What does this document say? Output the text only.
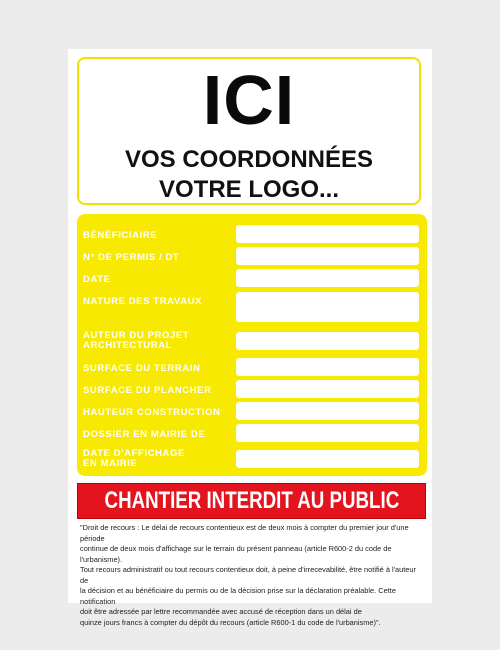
ICI
VOS COORDONNÉES
VOTRE LOGO...
BÉNÉFICIAIRE
N° DE PERMIS / DT
DATE
NATURE DES TRAVAUX
AUTEUR DU PROJET
ARCHITECTURAL
SURFACE DU TERRAIN
SURFACE DU PLANCHER
HAUTEUR CONSTRUCTION
DOSSIER EN MAIRIE DE
DATE D'AFFICHAGE
EN MAIRIE
CHANTIER INTERDIT AU PUBLIC
"Droit de recours : Le délai de recours contentieux est de deux mois à compter du premier jour d'une période
continue de deux mois d'affichage sur le terrain du présent panneau (article R600-2 du code de l'urbanisme).
Tout recours administratif ou tout recours contentieux doit, à peine d'irrecevabilité, être notifié à l'auteur de
la décision et au bénéficiaire du permis ou de la décision prise sur la déclaration préalable. Cette notification
doit être adressée par lettre recommandée avec accusé de réception dans un délai de
quinze jours francs à compter du dépôt du recours (article R600-1 du code de l'urbanisme)".
